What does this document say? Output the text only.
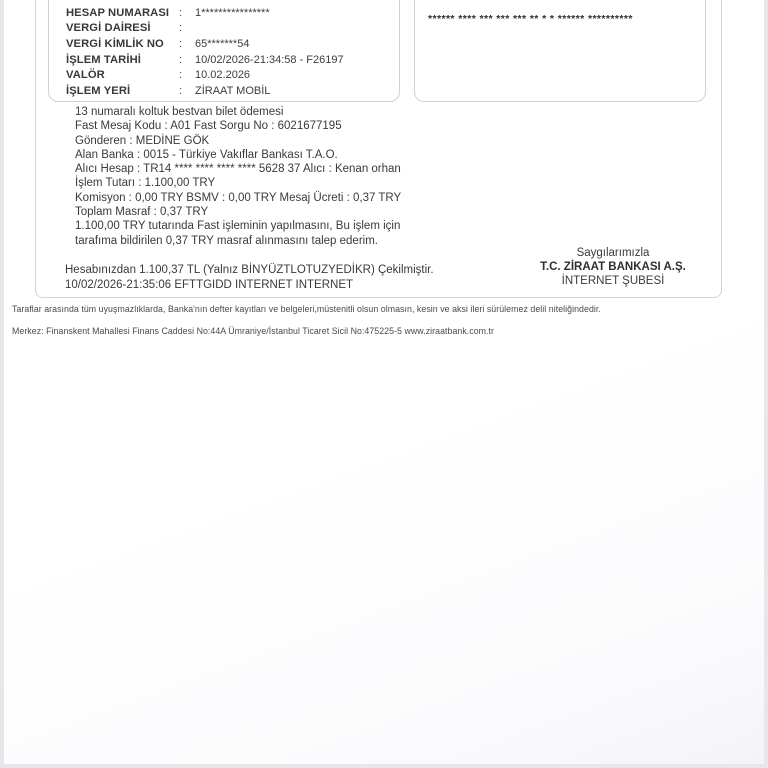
HESAP NUMARASI :	1****************
VERGİ DAİRESİ	:
VERGİ KİMLİK NO	:	65*******54
İŞLEM TARİHİ	:	10/02/2026-21:34:58 - F26197
VALÖR	:	10.02.2026
İŞLEM YERİ	:	ZİRAAT MOBİL
****** **** *** *** *** ** * * ****** **********
13 numaralı koltuk bestvan bilet ödemesi
Fast Mesaj Kodu : A01 Fast Sorgu No : 6021677195
Gönderen : MEDİNE GÖK
Alan Banka : 0015 - Türkiye Vakıflar Bankası T.A.O.
Alıcı Hesap : TR14 **** **** **** **** 5628 37 Alıcı : Kenan orhan
İşlem Tutarı : 1.100,00 TRY
Komisyon : 0,00 TRY BSMV : 0,00 TRY Mesaj Ücreti : 0,37 TRY
Toplam Masraf : 0,37 TRY
1.100,00 TRY tutarında Fast işleminin yapılmasını, Bu işlem için
tarafıma bildirilen 0,37 TRY masraf alınmasını talep ederim.
Hesabınızdan 1.100,37 TL (Yalnız BİNYÜZTLOTUZYEDİKR) Çekilmiştir.
10/02/2026-21:35:06 EFTTGIDD INTERNET INTERNET
Saygılarımızla
T.C. ZİRAAT BANKASI A.Ş.
İNTERNET ŞUBESİ
Taraflar arasında tüm uyuşmazlıklarda, Banka'nın defter kayıtları ve belgeleri,müstenitli olsun olmasın, kesin ve aksi ileri sürülemez delil niteliğindedir.
Merkez: Finanskent Mahallesi Finans Caddesi No:44A Ümraniye/İstanbul Ticaret Sicil No:475225-5 www.ziraatbank.com.tr
